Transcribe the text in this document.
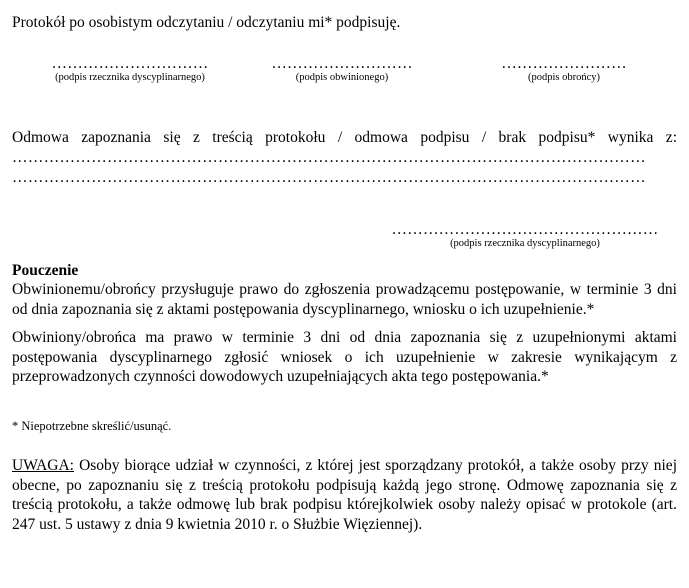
Protokół po osobistym odczytaniu / odczytaniu mi* podpisuję.
…………………………
(podpis rzecznika dyscyplinarnego)
………………………
(podpis obwinionego)
……………………
(podpis obrońcy)
Odmowa zapoznania się z treścią protokołu / odmowa podpisu / brak podpisu* wynika z:
…………………………………………………………………………………………………………
…………………………………………………………………………………………………………
……………………………………………
(podpis rzecznika dyscyplinarnego)
Pouczenie
Obwinionemu/obrońcy przysługuje prawo do zgłoszenia prowadzącemu postępowanie, w terminie 3 dni od dnia zapoznania się z aktami postępowania dyscyplinarnego, wniosku o ich uzupełnienie.*
Obwiniony/obrońca ma prawo w terminie 3 dni od dnia zapoznania się z uzupełnionymi aktami postępowania dyscyplinarnego zgłosić wniosek o ich uzupełnienie w zakresie wynikającym z przeprowadzonych czynności dowodowych uzupełniających akta tego postępowania.*
* Niepotrzebne skreślić/usunąć.
UWAGA: Osoby biorące udział w czynności, z której jest sporządzany protokół, a także osoby przy niej obecne, po zapoznaniu się z treścią protokołu podpisują każdą jego stronę. Odmowę zapoznania się z treścią protokołu, a także odmowę lub brak podpisu którejkolwiek osoby należy opisać w protokole (art. 247 ust. 5 ustawy z dnia 9 kwietnia 2010 r. o Służbie Więziennej).
